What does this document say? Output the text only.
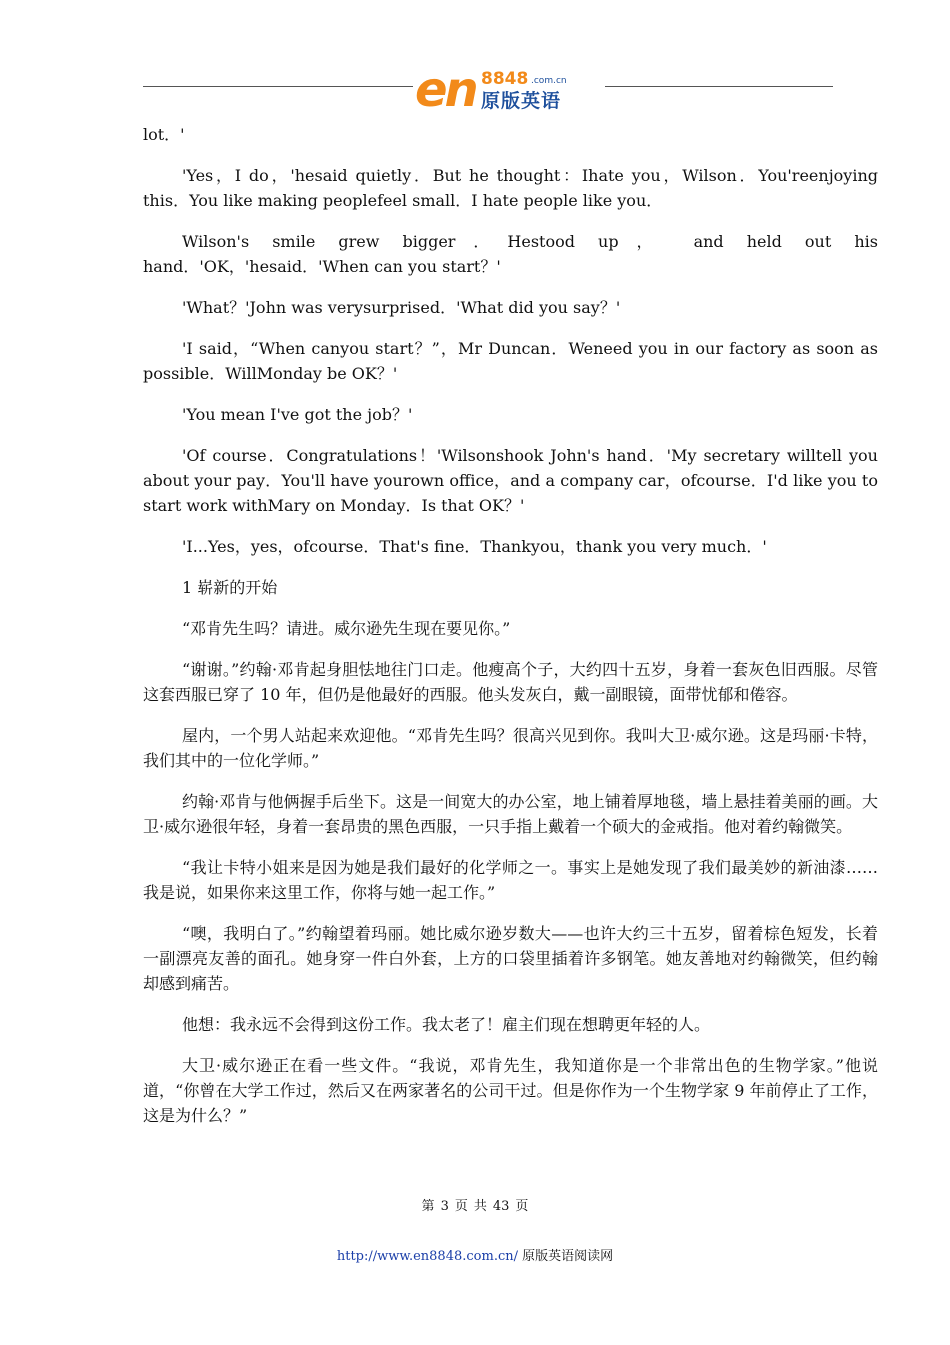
en 8848 .com.cn
原版英语

lot．'

'Yes，I do，'hesaid quietly．But he thought：Ihate you，Wilson．You'reenjoying this．You like making peoplefeel small．I hate people like you．

Wilson's smile grew bigger．Hestood up， and held out his hand．'OK，'hesaid．'When can you start？'

'What？'John was verysurprised．'What did you say？'

'I said，“When canyou start？”，Mr Duncan．Weneed you in our factory as soon as possible．WillMonday be OK？'

'You mean I've got the job？'

'Of course．Congratulations！'Wilsonshook John's hand．'My secretary willtell you about your pay．You'll have yourown office，and a company car，ofcourse．I'd like you to start work withMary on Monday．Is that OK？'

'I...Yes，yes，ofcourse．That's fine．Thankyou，thank you very much．'

1 崭新的开始

“邓肯先生吗？请进。威尔逊先生现在要见你。”

“谢谢。”约翰·邓肯起身胆怯地往门口走。他瘦高个子，大约四十五岁，身着一套灰色旧西服。尽管这套西服已穿了 10 年，但仍是他最好的西服。他头发灰白，戴一副眼镜，面带忧郁和倦容。

屋内，一个男人站起来欢迎他。“邓肯先生吗？很高兴见到你。我叫大卫·威尔逊。这是玛丽·卡特，我们其中的一位化学师。”

约翰·邓肯与他俩握手后坐下。这是一间宽大的办公室，地上铺着厚地毯，墙上悬挂着美丽的画。大卫·威尔逊很年轻，身着一套昂贵的黑色西服，一只手指上戴着一个硕大的金戒指。他对着约翰微笑。

“我让卡特小姐来是因为她是我们最好的化学师之一。事实上是她发现了我们最美妙的新油漆……我是说，如果你来这里工作，你将与她一起工作。”

“噢，我明白了。”约翰望着玛丽。她比威尔逊岁数大——也许大约三十五岁，留着棕色短发，长着一副漂亮友善的面孔。她身穿一件白外套，上方的口袋里插着许多钢笔。她友善地对约翰微笑，但约翰却感到痛苦。

他想：我永远不会得到这份工作。我太老了！雇主们现在想聘更年轻的人。

大卫·威尔逊正在看一些文件。“我说，邓肯先生，我知道你是一个非常出色的生物学家。”他说道，“你曾在大学工作过，然后又在两家著名的公司干过。但是你作为一个生物学家 9 年前停止了工作，这是为什么？”

第 3 页 共 43 页
http://www.en8848.com.cn/ 原版英语阅读网
